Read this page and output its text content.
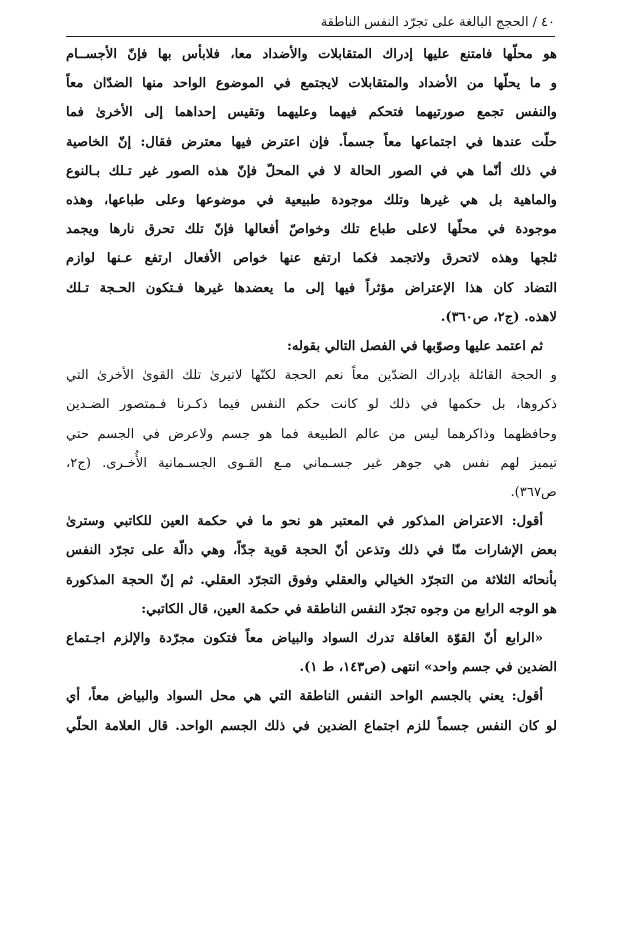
٤٠/الحجج البالغة على تجرّد النفس الناطقة
هو محلّها فامتنع عليها إدراك المتقابلات والأضداد معا، فلابأس بها فإنّ الأجســام
و ما يحلّها من الأضداد والمتقابلات لايجتمع في الموضوع الواحد منها الضدّان معاً
والنفس تجمع صورتيهما فتحكم فيهما وعليهما وتقيس إحداهما إلى الأخرىٰ فما
حلّت عندها في اجتماعها معاً جسماً. فإن اعترض فيها معترض فقال: إنّ الخاصية
في ذلك أنّما هي في الصور الحالة لا في المحلّ فإنّ هذه الصور غير تـلك بـالنوع
والماهية بل هي غيرها وتلك موجودة طبيعية في موضوعها وعلى طباعها، وهذه
موجودة في محلّها لاعلى طباع تلك وخواصّ أفعالها فإنّ تلك تحرق نارها ويجمد
ثلجها وهذه لاتحرق ولاتجمد فكما ارتفع عنها خواص الأفعال ارتفع عـنها لوازم
التضاد كان هذا الإعتراض مؤثراً فيها إلى ما يعضدها غيرها فـتكون الحـجة تـلك
لاهذه. (ج٢، ص٣٦٠).
ثم اعتمد عليها وصوّبها في الفصل التالي بقوله:
و الحجة القائلة بإدراك الضدّين معاً نعم الحجة لكنّها لاتيرىٰ تلك القوىٰ الأخرىٰ التي
ذكروها، بل حكمها في ذلك لو كانت حكم النفس فيما ذكـرنا فـمتصور الضـدين
وحافظهما وذاكرهما ليس من عالم الطبيعة فما هو جسم ولاعرض في الجسم حتي
تيميز لهم نفس هي جوهر غير جسـماني مـع القـوى الجسـمانية الأُخـرى. (ج٢،
ص٣٦٧).
أقول: الاعتراض المذكور في المعتبر هو نحو ما في حكمة العين للكاتبي وسترىٰ
بعض الإشارات منّا في ذلك وتذعن أنّ الحجة قوية جدّاً، وهي دالّة على تجرّد النفس
بأنحائه الثلاثة من التجرّد الخيالي والعقلي وفوق التجرّد العقلي. ثم إنّ الحجة المذكورة
هو الوجه الرابع من وجوه تجرّد النفس الناطقة في حكمة العين، قال الكاتبي:
«الرابع أنّ القوّة العاقلة تدرك السواد والبياض معاً فتكون مجرّدة والإلزم اجـتماع
الضدين في جسم واحد» انتهى (ص١٤٣، ط ١).
أقول: يعني بالجسم الواحد النفس الناطقة التي هي محل السواد والبياض معاً، أي
لو كان النفس جسماً للزم اجتماع الضدين في ذلك الجسم الواحد. قال العلامة الحلّي
